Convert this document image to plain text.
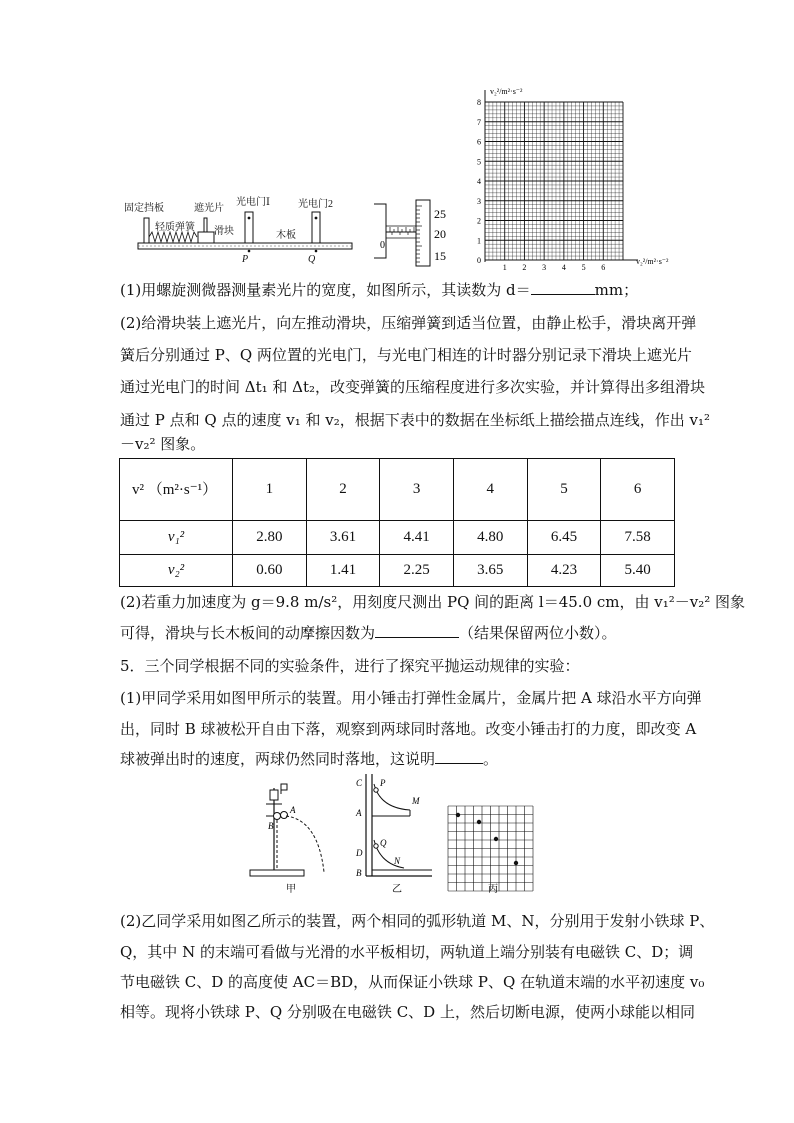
固定挡板	遮光片
光电门Ⅰ	光电门2
轻质弹簧 滑块	木板
P	Q
0
25
20
15
v₂²/m²·s⁻²
v₂²/m²·s⁻²
8
7
6
5
4
3
2
1
0
1 2 3 4 5 6
(1)用螺旋测微器测量素光片的宽度，如图所示，其读数为 d＝	mm；
(2)给滑块装上遮光片，向左推动滑块，压缩弹簧到适当位置，由静止松手，滑块离开弹
簧后分别通过 P、Q 两位置的光电门，与光电门相连的计时器分别记录下滑块上遮光片
通过光电门的时间 Δt₁ 和 Δt₂，改变弹簧的压缩程度进行多次实验，并计算得出多组滑块
通过 P 点和 Q 点的速度 v₁ 和 v₂，根据下表中的数据在坐标纸上描绘描点连线，作出 v₁²
－v₂² 图象。
v² （m²·s⁻¹）	1	2	3	4	5	6
v₁²	2.80	3.61	4.41	4.80	6.45	7.58
v₂²	0.60	1.41	2.25	3.65	4.23	5.40
(2)若重力加速度为 g＝9.8 m/s²，用刻度尺测出 PQ 间的距离 l＝45.0 cm，由 v₁²－v₂² 图象
可得，滑块与长木板间的动摩擦因数为	（结果保留两位小数）。
5．三个同学根据不同的实验条件，进行了探究平抛运动规律的实验：
(1)甲同学采用如图甲所示的装置。用小锤击打弹性金属片，金属片把 A 球沿水平方向弹
出，同时 B 球被松开自由下落，观察到两球同时落地。改变小锤击打的力度，即改变 A
球被弹出时的速度，两球仍然同时落地，这说明	。
A
B
甲
C P
M
A
D
Q
N
B
乙	丙
(2)乙同学采用如图乙所示的装置，两个相同的弧形轨道 M、N，分别用于发射小铁球 P、
Q，其中 N 的末端可看做与光滑的水平板相切，两轨道上端分别装有电磁铁 C、D；调
节电磁铁 C、D 的高度使 AC＝BD，从而保证小铁球 P、Q 在轨道末端的水平初速度 v₀
相等。现将小铁球 P、Q 分别吸在电磁铁 C、D 上，然后切断电源，使两小球能以相同
